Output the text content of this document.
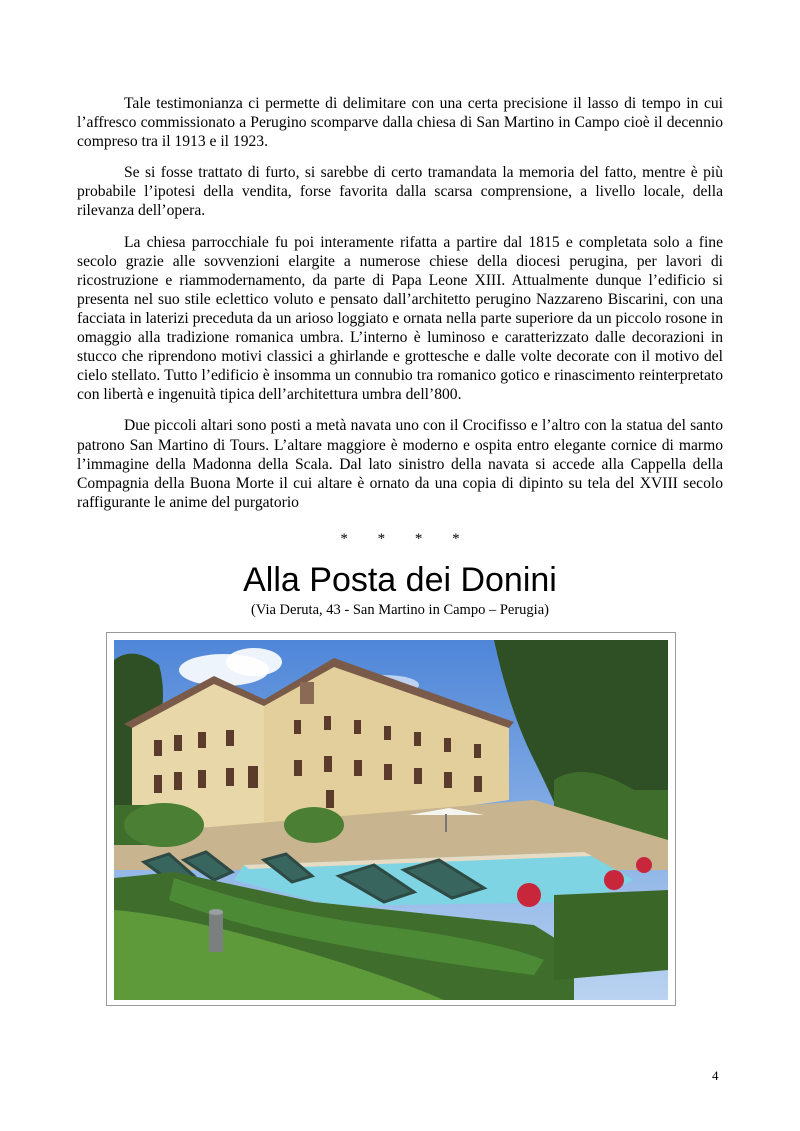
Tale testimonianza ci permette di delimitare con una certa precisione il lasso di tempo in cui l’affresco commissionato a Perugino scomparve dalla chiesa di San Martino in Campo cioè il decennio compreso tra il 1913 e il 1923.

Se si fosse trattato di furto, si sarebbe di certo tramandata la memoria del fatto, mentre è più probabile l’ipotesi della vendita, forse favorita dalla scarsa comprensione, a livello locale, della rilevanza dell’opera.

La chiesa parrocchiale fu poi interamente rifatta a partire dal 1815 e completata solo a fine secolo grazie alle sovvenzioni elargite a numerose chiese della diocesi perugina, per lavori di ricostruzione e riammodernamento, da parte di Papa Leone XIII. Attualmente dunque l’edificio si presenta nel suo stile eclettico voluto e pensato dall’architetto perugino Nazzareno Biscarini, con una facciata in laterizi preceduta da un arioso loggiato e ornata nella parte superiore da un piccolo rosone in omaggio alla tradizione romanica umbra. L’interno è luminoso e caratterizzato dalle decorazioni in stucco che riprendono motivi classici a ghirlande e grottesche e dalle volte decorate con il motivo del cielo stellato. Tutto l’edificio è insomma un connubio tra romanico gotico e rinascimento reinterpretato con libertà e ingenuità tipica dell’architettura umbra dell’800.

Due piccoli altari sono posti a metà navata uno con il Crocifisso e l’altro con la statua del santo patrono San Martino di Tours. L’altare maggiore è moderno e ospita entro elegante cornice di marmo l’immagine della Madonna della Scala. Dal lato sinistro della navata si accede alla Cappella della Compagnia della Buona Morte il cui altare è ornato da una copia di dipinto su tela del XVIII secolo raffigurante le anime del purgatorio

* * * *
Alla Posta dei Donini
(Via Deruta, 43 - San Martino in Campo – Perugia)
4
